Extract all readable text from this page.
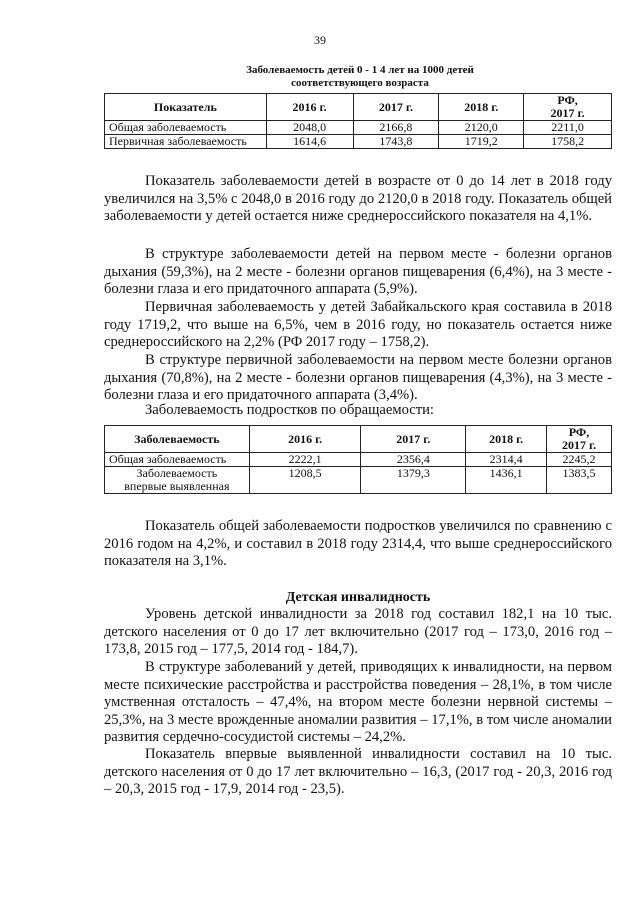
39
Заболеваемость детей 0 - 1 4 лет на 1000 детей
соответствующего возраста
Показатель	2016 г.	2017 г.	2018 г.	РФ,
2017 г.

Общая заболеваемость	2048,0	2166,8	2120,0	2211,0
Первичная заболеваемость	1614,6	1743,8	1719,2	1758,2

Показатель заболеваемости детей в возрасте от 0 до 14 лет в 2018 году увеличился на 3,5% с 2048,0 в 2016 году до 2120,0 в 2018 году. Показатель общей заболеваемости у детей остается ниже среднероссийского показателя на 4,1%.

В структуре заболеваемости детей на первом месте - болезни органов дыхания (59,3%), на 2 месте - болезни органов пищеварения (6,4%), на 3 месте - болезни глаза и его придаточного аппарата (5,9%).

Первичная заболеваемость у детей Забайкальского края составила в 2018 году 1719,2, что выше на 6,5%, чем в 2016 году, но показатель остается ниже среднероссийского на 2,2% (РФ 2017 году – 1758,2).

В структуре первичной заболеваемости на первом месте болезни органов дыхания (70,8%), на 2 месте - болезни органов пищеварения (4,3%), на 3 месте - болезни глаза и его придаточного аппарата (3,4%).

Заболеваемость подростков по обращаемости:

Заболеваемость	2016 г.	2017 г.	2018 г.	РФ,
2017 г.

Общая заболеваемость	2222,1	2356,4	2314,4	2245,2

Заболеваемость
впервые выявленная	1208,5	1379,3	1436,1	1383,5

Показатель общей заболеваемости подростков увеличился по сравнению с 2016 годом на 4,2%, и составил в 2018 году 2314,4, что выше среднероссийского показателя на 3,1%.

Детская инвалидность

Уровень детской инвалидности за 2018 год составил 182,1 на 10 тыс. детского населения от 0 до 17 лет включительно (2017 год – 173,0, 2016 год – 173,8, 2015 год – 177,5, 2014 год - 184,7).

В структуре заболеваний у детей, приводящих к инвалидности, на первом месте психические расстройства и расстройства поведения – 28,1%, в том числе умственная отсталость – 47,4%, на втором месте болезни нервной системы – 25,3%, на 3 месте врожденные аномалии развития – 17,1%, в том числе аномалии развития сердечно-сосудистой системы – 24,2%.

Показатель впервые выявленной инвалидности составил на 10 тыс. детского населения от 0 до 17 лет включительно – 16,3, (2017 год - 20,3, 2016 год – 20,3, 2015 год - 17,9, 2014 год - 23,5).
